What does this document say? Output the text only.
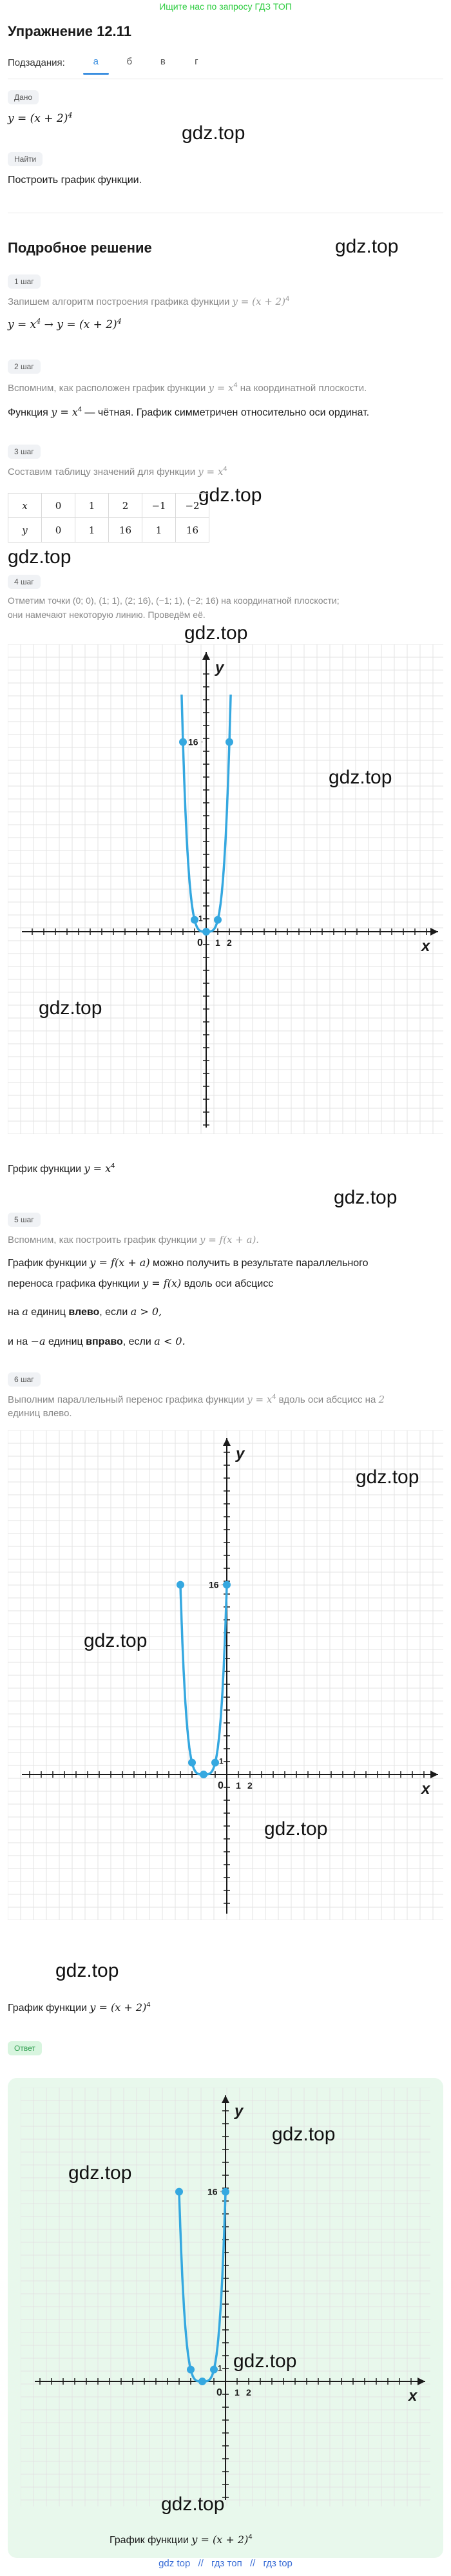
Ищите нас по запросу ГДЗ ТОП
Упражнение 12.11
Подзадания:	а	б	в	г
Дано
$y = (x + 2)^4$
gdz.top
Найти
Построить график функции.
Подробное решение	gdz.top
1 шаг
Запишем алгоритм построения графика функции $y = (x + 2)^4$
$y = x^4 \to y = (x + 2)^4$
2 шаг
Вспомним, как расположен график функции $y = x^4$ на координатной плоскости.
Функция $y = x^4$ — чётная. График симметричен относительно оси ординат.
3 шаг
Составим таблицу значений для функции $y = x^4$
gdz.top
x	0	1	2	−1	−2
y	0	1	16	1	16
gdz.top
4 шаг
Отметим точки (0; 0), (1; 1), (2; 16), (−1; 1), (−2; 16) на координатной плоскости;
они намечают некоторую линию. Проведём её.
gdz.top
x
y
0 1 2
16
1
gdz.top
gdz.top
Грфик функции $y = x^4$
gdz.top
5 шаг
Вспомним, как построить график функции y = f(x + a).
График функции y = f(x + a) можно получить в результате параллельного
переноса графика функции y = f(x) вдоль оси абсцисс
на a единиц влево, если a > 0,
и на −a единиц вправо, если a < 0.
6 шаг
Выполним параллельный перенос графика функции $y = x^4$ вдоль оси абсцисс на 2
единиц влево.
x
y
0 1 2
16
1
gdz.top
gdz.top
gdz.top
gdz.top
График функции $y = (x + 2)^4$
Ответ
x
y
0 1 2
16
1
gdz.top
gdz.top
gdz.top
gdz.top
График функции $y = (x + 2)^4$
gdz top // гдз топ // гдз top
